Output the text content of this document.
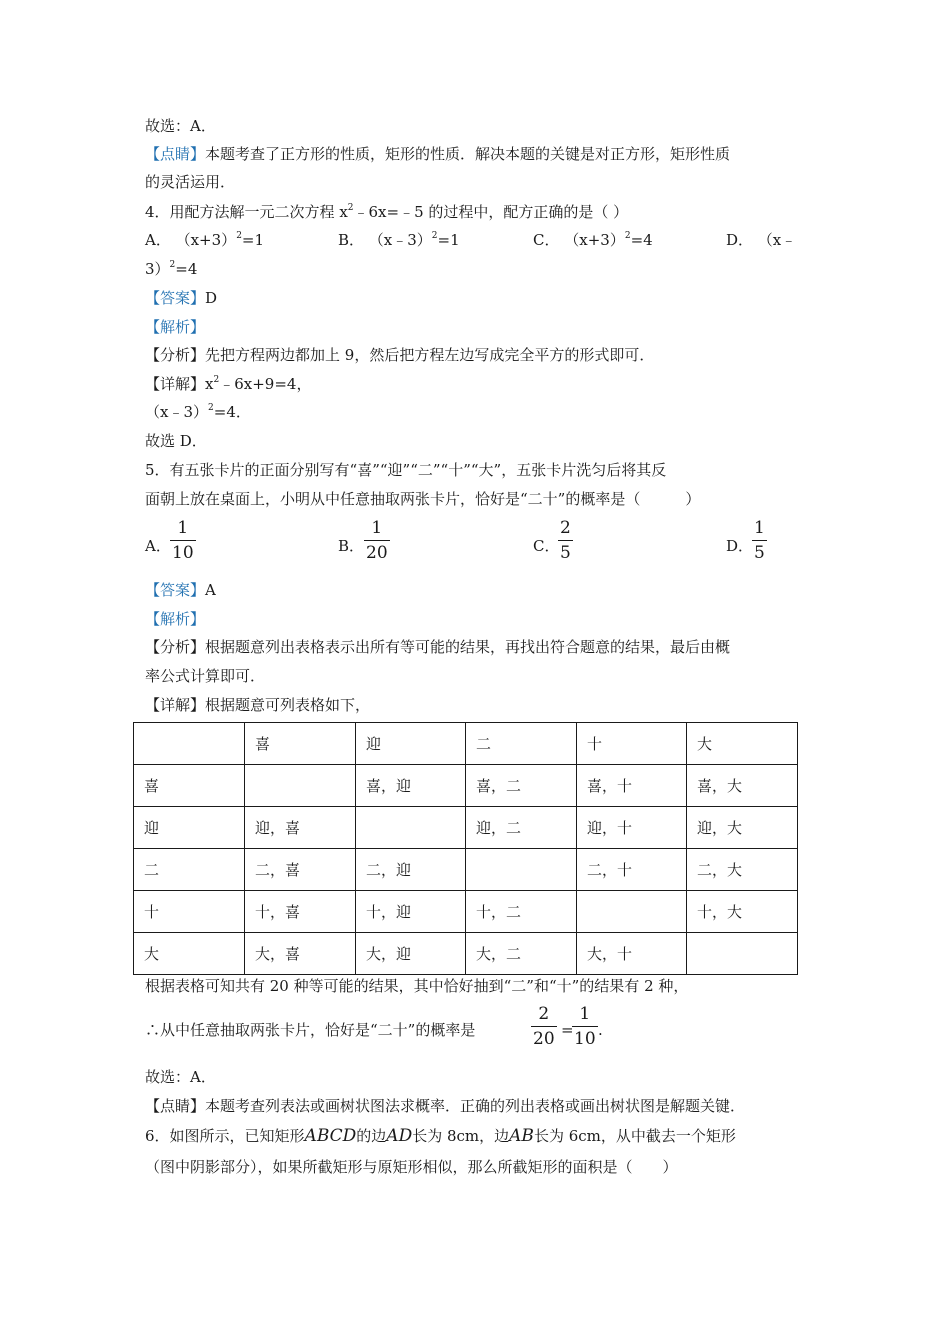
故选：A．
【点睛】本题考查了正方形的性质，矩形的性质．解决本题的关键是对正方形，矩形性质
的灵活运用．
4．用配方法解一元二次方程 $x^2﹣6x=﹣5$ 的过程中，配方正确的是（ ）
A． $(x+3)^2=1$	B． （x﹣3）$^2$=1	C． $(x+3)^2=4$	D． （x﹣
3）$^2$=4
【答案】D
【解析】
【分析】先把方程两边都加上 9，然后把方程左边写成完全平方的形式即可．
【详解】$x^2﹣6x+9=4$，
（x﹣3）$^2$=4．
故选 D．
5．有五张卡片的正面分别写有“喜”“迎”“二”“十”“大”，五张卡片洗匀后将其反
面朝上放在桌面上，小明从中任意抽取两张卡片，恰好是“二十”的概率是（　　　）
A．
1
10	B．
1
20	C．
2
5	D．
1
5
【答案】A
【解析】
【分析】根据题意列出表格表示出所有等可能的结果，再找出符合题意的结果，最后由概
率公式计算即可．
【详解】根据题意可列表格如下，
	喜	迎	二	十	大
喜		喜，迎	喜，二	喜，十	喜，大
迎	迎，喜		迎，二	迎，十	迎，大
二	二，喜	二，迎		二，十	二，大
十	十，喜	十，迎	十，二		十，大
大	大，喜	大，迎	大，二	大，十	
根据表格可知共有 20 种等可能的结果，其中恰好抽到“二”和“十”的结果有 2 种，
∴从中任意抽取两张卡片，恰好是“二十”的概率是
2
20 =
1
10 .
故选：A．
【点睛】本题考查列表法或画树状图法求概率．正确的列出表格或画出树状图是解题关键．
6．如图所示，已知矩形ABCD的边AD长为 8cm，边AB长为 6cm，从中截去一个矩形
（图中阴影部分），如果所截矩形与原矩形相似，那么所截矩形的面积是（　　）
